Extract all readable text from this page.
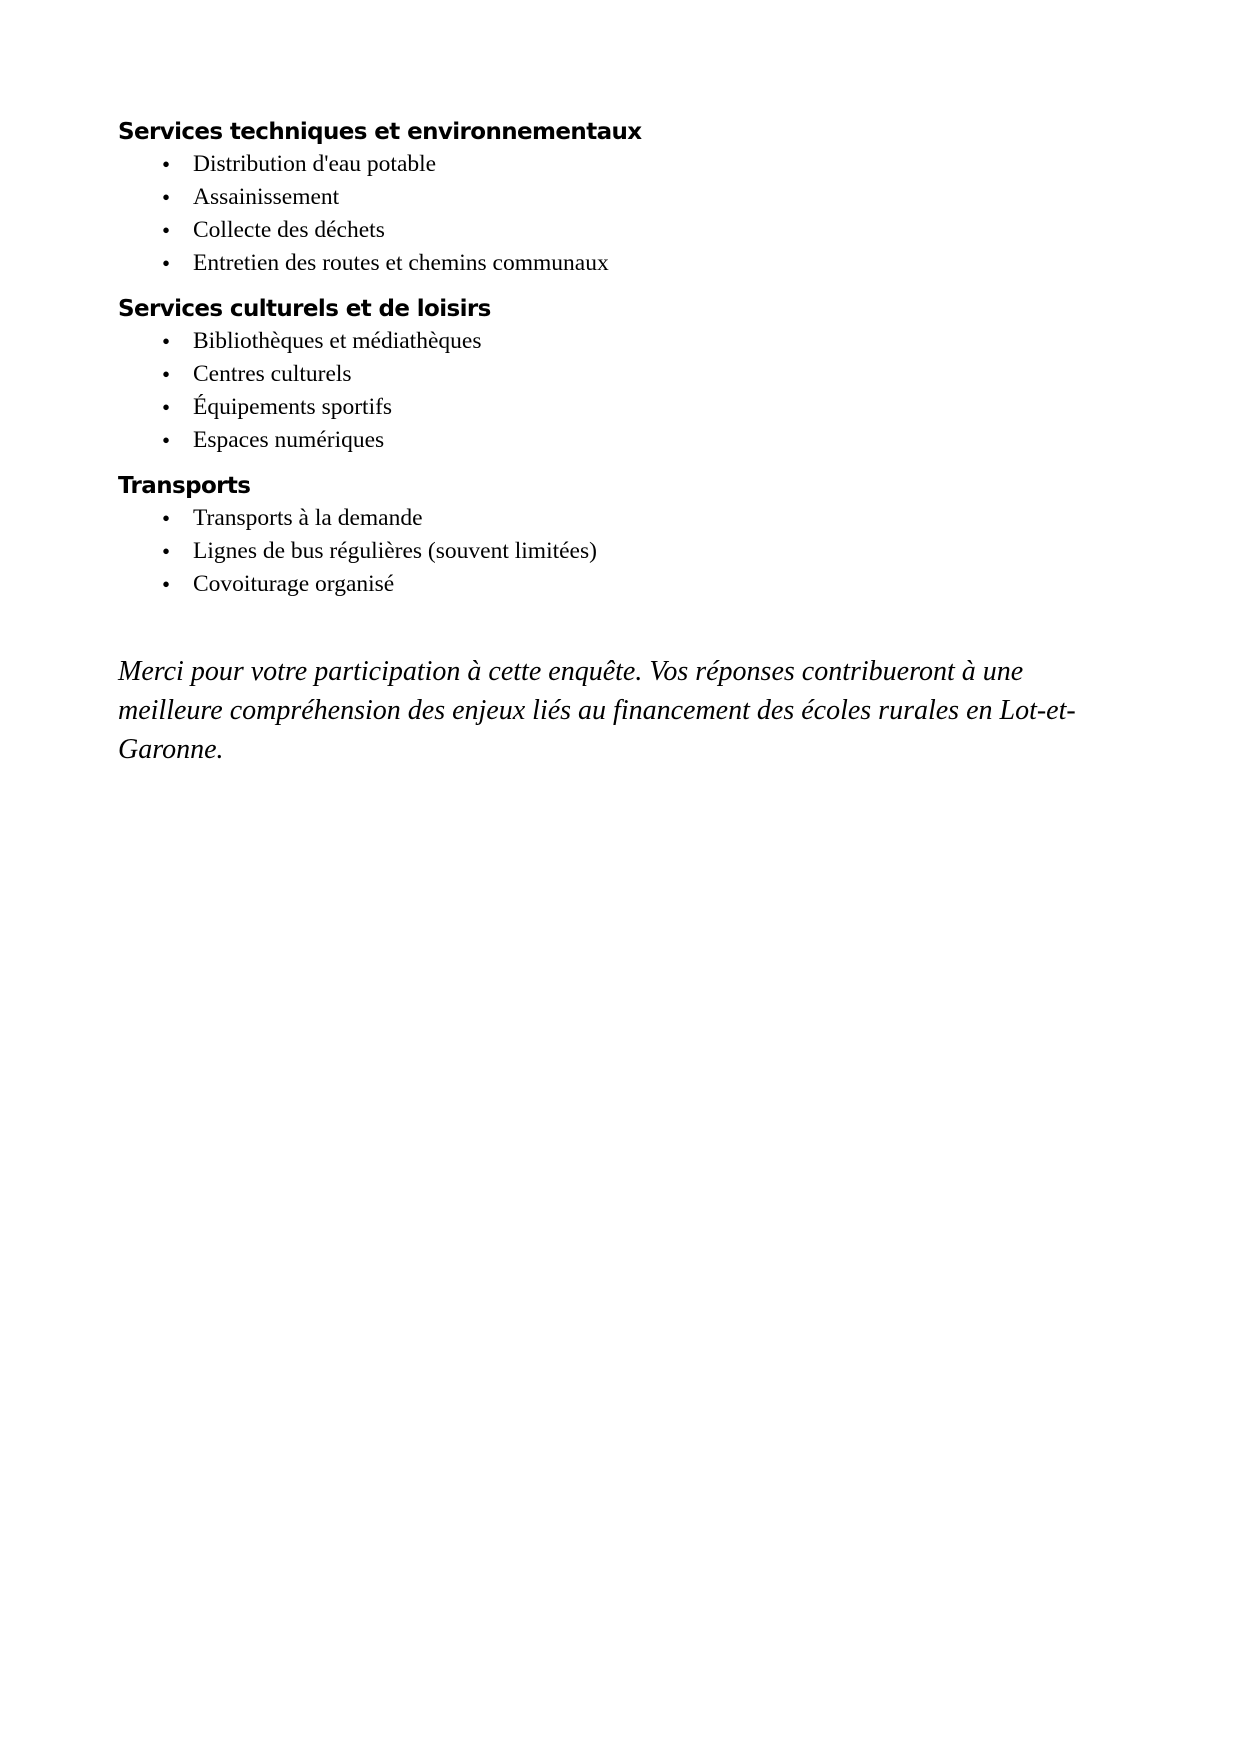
Services techniques et environnementaux
• Distribution d'eau potable
• Assainissement
• Collecte des déchets
• Entretien des routes et chemins communaux
Services culturels et de loisirs
• Bibliothèques et médiathèques
• Centres culturels
• Équipements sportifs
• Espaces numériques
Transports
• Transports à la demande
• Lignes de bus régulières (souvent limitées)
• Covoiturage organisé

Merci pour votre participation à cette enquête. Vos réponses contribueront à une meilleure compréhension des enjeux liés au financement des écoles rurales en Lot-et-Garonne.
